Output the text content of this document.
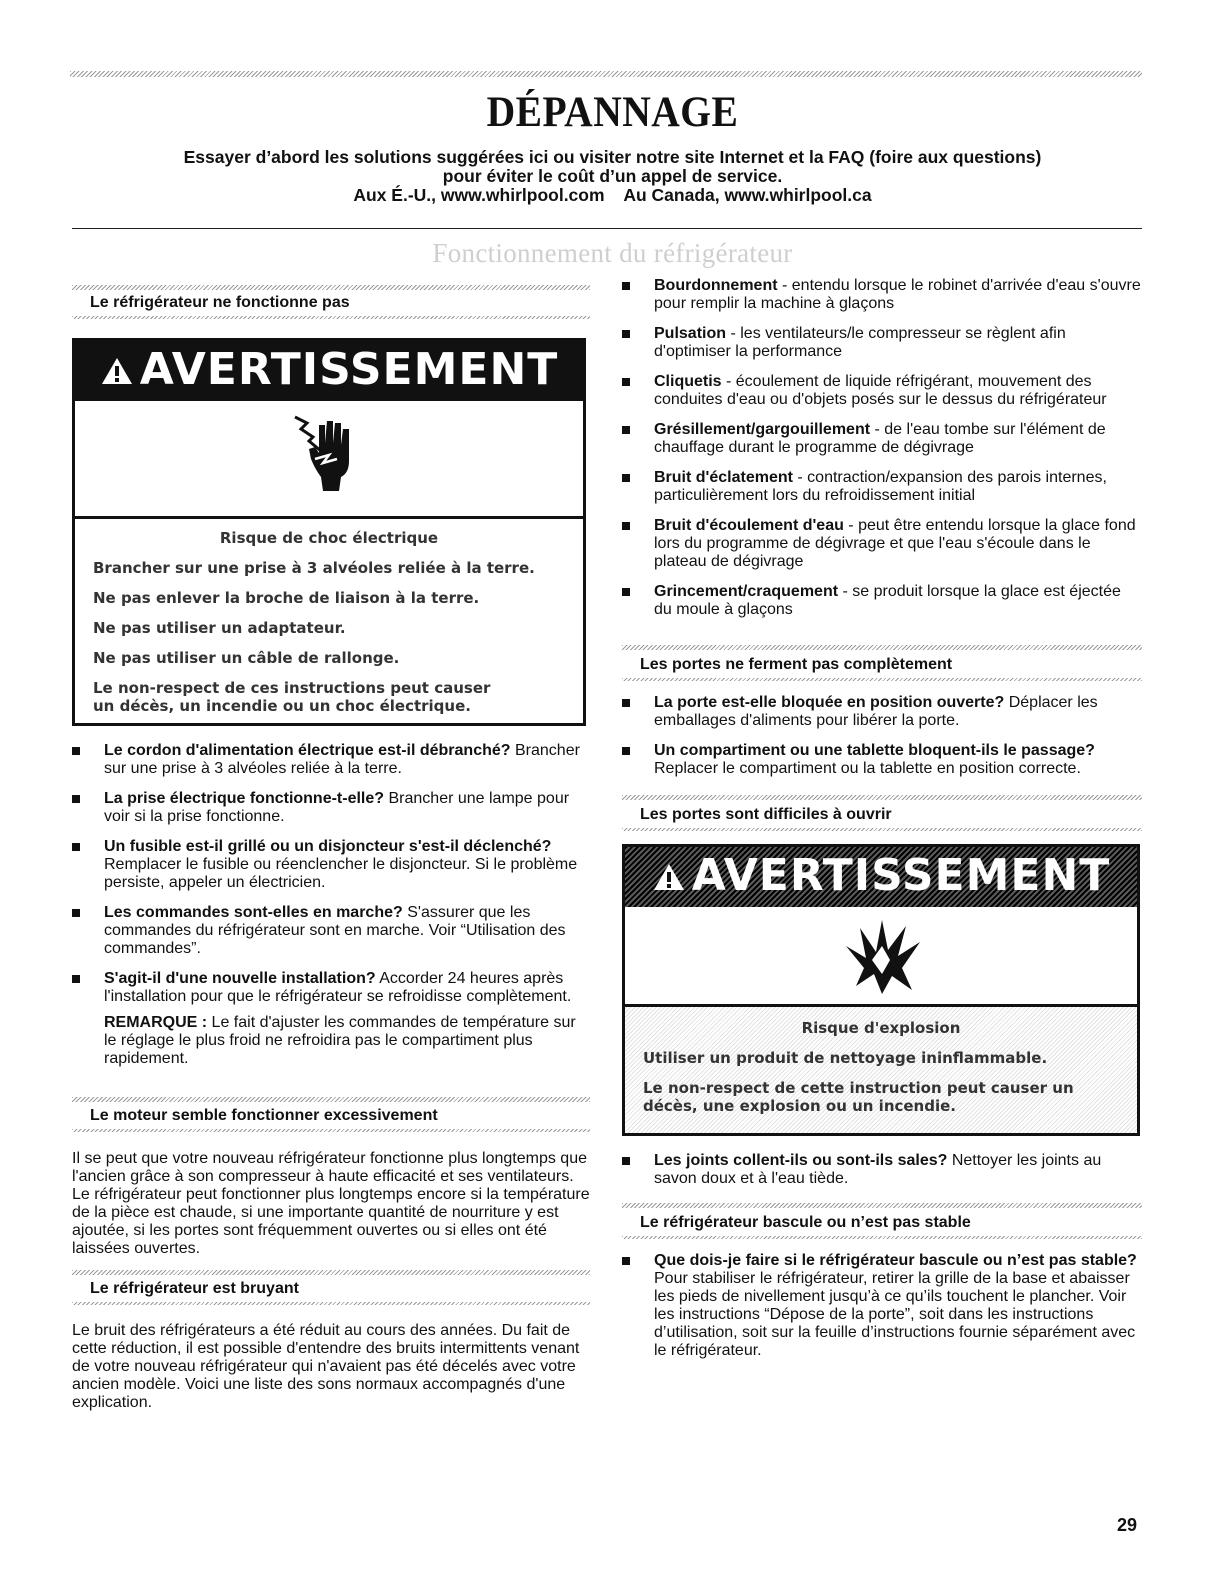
DÉPANNAGE
Essayer d’abord les solutions suggérées ici ou visiter notre site Internet et la FAQ (foire aux questions)
pour éviter le coût d’un appel de service.
Aux É.-U., www.whirlpool.com    Au Canada, www.whirlpool.ca
Fonctionnement du réfrigérateur
Le réfrigérateur ne fonctionne pas
AVERTISSEMENT

Risque de choc électrique

Brancher sur une prise à 3 alvéoles reliée à la terre.

Ne pas enlever la broche de liaison à la terre.

Ne pas utiliser un adaptateur.

Ne pas utiliser un câble de rallonge.

Le non-respect de ces instructions peut causer un décès, un incendie ou un choc électrique.

Le cordon d'alimentation électrique est-il débranché? Brancher sur une prise à 3 alvéoles reliée à la terre.
La prise électrique fonctionne-t-elle? Brancher une lampe pour voir si la prise fonctionne.
Un fusible est-il grillé ou un disjoncteur s'est-il déclenché? Remplacer le fusible ou réenclencher le disjoncteur. Si le problème persiste, appeler un électricien.
Les commandes sont-elles en marche? S'assurer que les commandes du réfrigérateur sont en marche. Voir “Utilisation des commandes”.
S'agit-il d'une nouvelle installation? Accorder 24 heures après l'installation pour que le réfrigérateur se refroidisse complètement.
REMARQUE : Le fait d'ajuster les commandes de température sur le réglage le plus froid ne refroidira pas le compartiment plus rapidement.
Le moteur semble fonctionner excessivement
Il se peut que votre nouveau réfrigérateur fonctionne plus longtemps que l'ancien grâce à son compresseur à haute efficacité et ses ventilateurs. Le réfrigérateur peut fonctionner plus longtemps encore si la température de la pièce est chaude, si une importante quantité de nourriture y est ajoutée, si les portes sont fréquemment ouvertes ou si elles ont été laissées ouvertes.
Le réfrigérateur est bruyant
Le bruit des réfrigérateurs a été réduit au cours des années. Du fait de cette réduction, il est possible d'entendre des bruits intermittents venant de votre nouveau réfrigérateur qui n'avaient pas été décelés avec votre ancien modèle. Voici une liste des sons normaux accompagnés d'une explication.
Bourdonnement - entendu lorsque le robinet d'arrivée d'eau s'ouvre pour remplir la machine à glaçons
Pulsation - les ventilateurs/le compresseur se règlent afin d'optimiser la performance
Cliquetis - écoulement de liquide réfrigérant, mouvement des conduites d'eau ou d'objets posés sur le dessus du réfrigérateur
Grésillement/gargouillement - de l'eau tombe sur l'élément de chauffage durant le programme de dégivrage
Bruit d'éclatement - contraction/expansion des parois internes, particulièrement lors du refroidissement initial
Bruit d'écoulement d'eau - peut être entendu lorsque la glace fond lors du programme de dégivrage et que l'eau s'écoule dans le plateau de dégivrage
Grincement/craquement - se produit lorsque la glace est éjectée du moule à glaçons
Les portes ne ferment pas complètement
La porte est-elle bloquée en position ouverte? Déplacer les emballages d'aliments pour libérer la porte.
Un compartiment ou une tablette bloquent-ils le passage? Replacer le compartiment ou la tablette en position correcte.
Les portes sont difficiles à ouvrir
AVERTISSEMENT

Risque d'explosion

Utiliser un produit de nettoyage ininflammable.

Le non-respect de cette instruction peut causer un décès, une explosion ou un incendie.

Les joints collent-ils ou sont-ils sales? Nettoyer les joints au savon doux et à l'eau tiède.
Le réfrigérateur bascule ou n’est pas stable
Que dois-je faire si le réfrigérateur bascule ou n’est pas stable? Pour stabiliser le réfrigérateur, retirer la grille de la base et abaisser les pieds de nivellement jusqu’à ce qu’ils touchent le plancher. Voir les instructions “Dépose de la porte”, soit dans les instructions d’utilisation, soit sur la feuille d’instructions fournie séparément avec le réfrigérateur.
29
